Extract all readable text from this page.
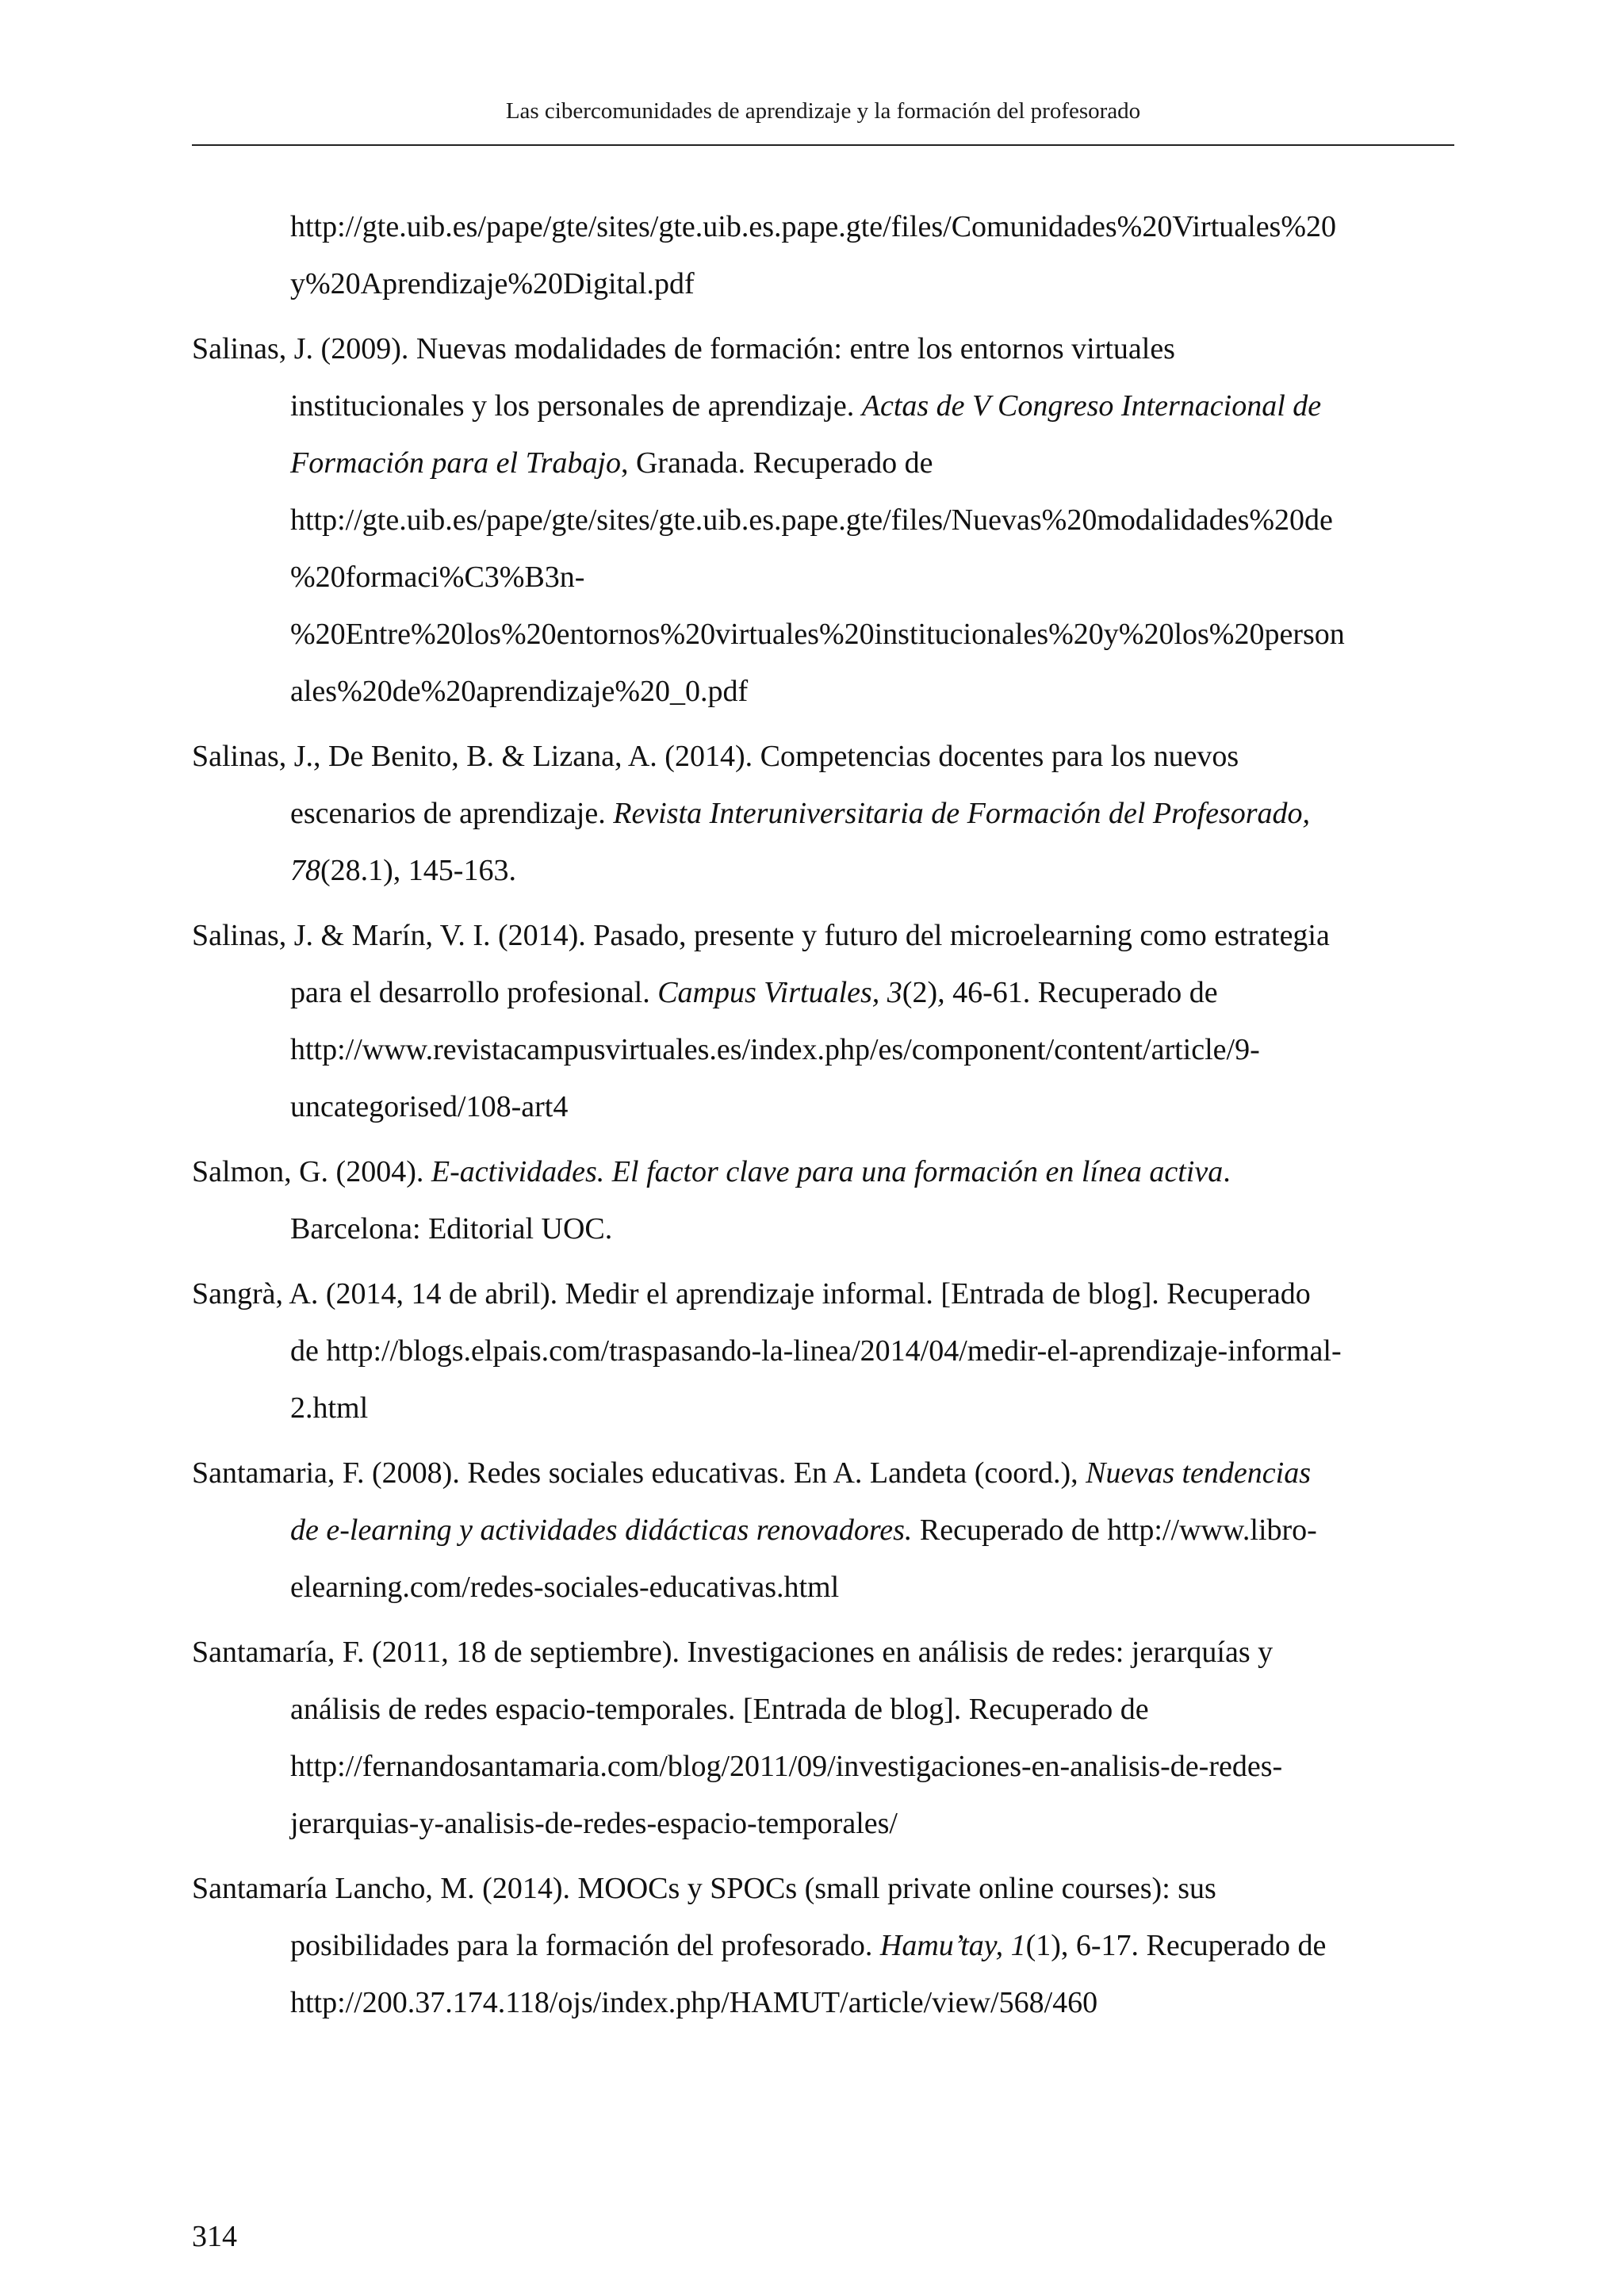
Las cibercomunidades de aprendizaje y la formación del profesorado
http://gte.uib.es/pape/gte/sites/gte.uib.es.pape.gte/files/Comunidades%20Virtuales%20
y%20Aprendizaje%20Digital.pdf
Salinas, J. (2009). Nuevas modalidades de formación: entre los entornos virtuales
institucionales y los personales de aprendizaje. Actas de V Congreso Internacional de
Formación para el Trabajo, Granada. Recuperado de
http://gte.uib.es/pape/gte/sites/gte.uib.es.pape.gte/files/Nuevas%20modalidades%20de
%20formaci%C3%B3n-
%20Entre%20los%20entornos%20virtuales%20institucionales%20y%20los%20person
ales%20de%20aprendizaje%20_0.pdf
Salinas, J., De Benito, B. & Lizana, A. (2014). Competencias docentes para los nuevos
escenarios de aprendizaje. Revista Interuniversitaria de Formación del Profesorado,
78(28.1), 145-163.
Salinas, J. & Marín, V. I. (2014). Pasado, presente y futuro del microelearning como estrategia
para el desarrollo profesional. Campus Virtuales, 3(2), 46-61. Recuperado de
http://www.revistacampusvirtuales.es/index.php/es/component/content/article/9-
uncategorised/108-art4
Salmon, G. (2004). E-actividades. El factor clave para una formación en línea activa.
Barcelona: Editorial UOC.
Sangrà, A. (2014, 14 de abril). Medir el aprendizaje informal. [Entrada de blog]. Recuperado
de http://blogs.elpais.com/traspasando-la-linea/2014/04/medir-el-aprendizaje-informal-
2.html
Santamaria, F. (2008). Redes sociales educativas. En A. Landeta (coord.), Nuevas tendencias
de e-learning y actividades didácticas renovadores. Recuperado de http://www.libro-
elearning.com/redes-sociales-educativas.html
Santamaría, F. (2011, 18 de septiembre). Investigaciones en análisis de redes: jerarquías y
análisis de redes espacio-temporales. [Entrada de blog]. Recuperado de
http://fernandosantamaria.com/blog/2011/09/investigaciones-en-analisis-de-redes-
jerarquias-y-analisis-de-redes-espacio-temporales/
Santamaría Lancho, M. (2014). MOOCs y SPOCs (small private online courses): sus
posibilidades para la formación del profesorado. Hamu’tay, 1(1), 6-17. Recuperado de
http://200.37.174.118/ojs/index.php/HAMUT/article/view/568/460
314
